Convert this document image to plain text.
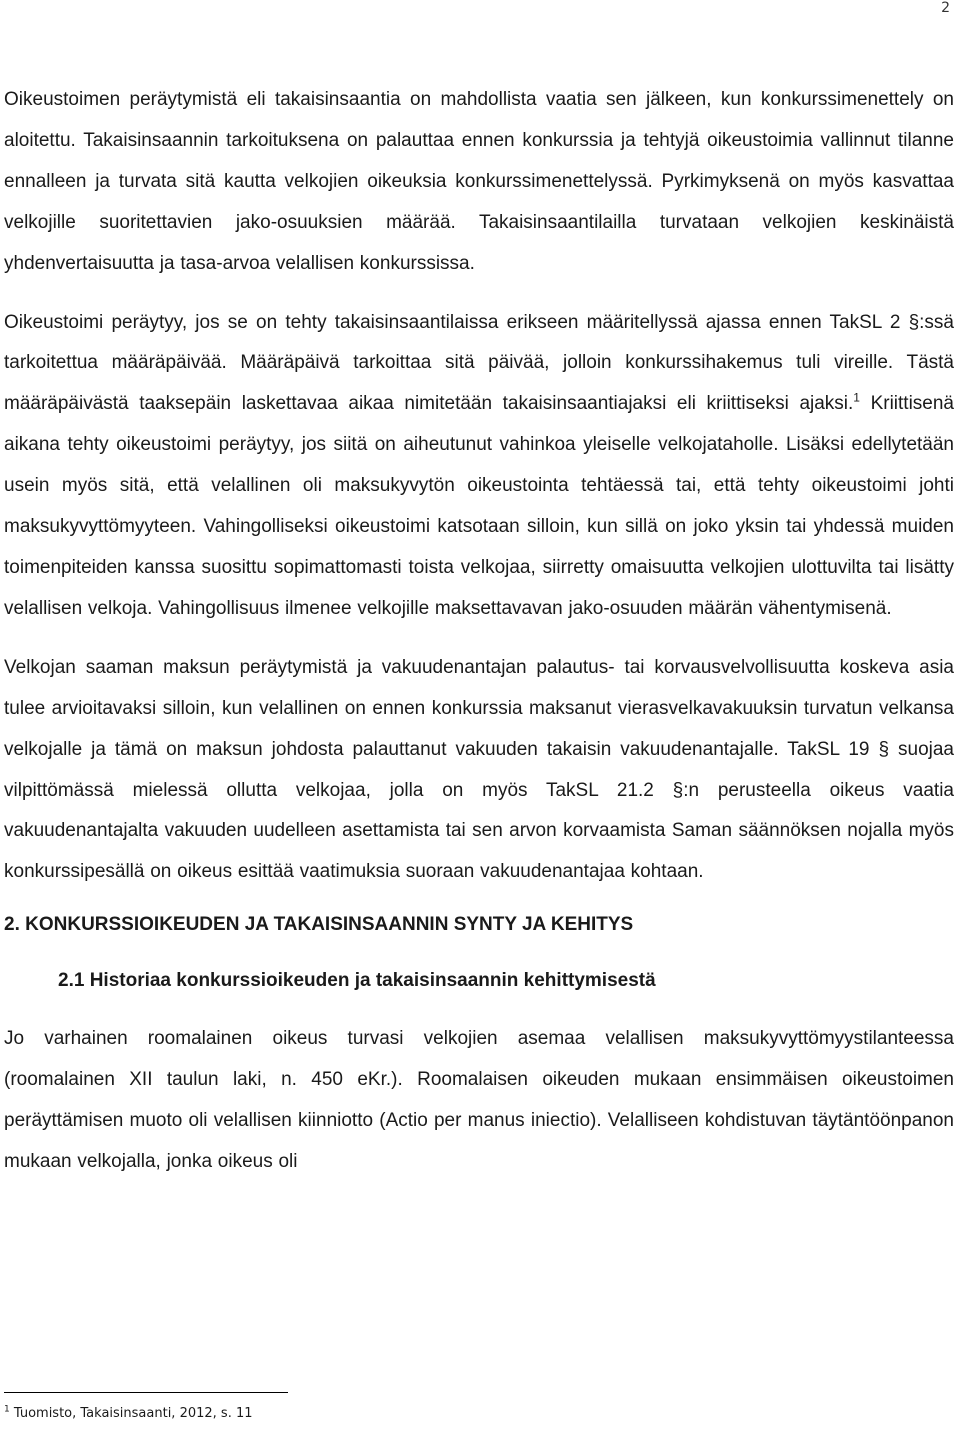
2

Oikeustoimen peräytymistä eli takaisinsaantia on mahdollista vaatia sen jälkeen, kun konkurssimenettely on aloitettu. Takaisinsaannin tarkoituksena on palauttaa ennen konkurssia ja tehtyjä oikeustoimia vallinnut tilanne ennalleen ja turvata sitä kautta velkojien oikeuksia konkurssimenettelyssä. Pyrkimyksenä on myös kasvattaa velkojille suoritettavien jako-osuuksien määrää. Takaisinsaantilailla turvataan velkojien keskinäistä yhdenvertaisuutta ja tasa-arvoa velallisen konkurssissa.

Oikeustoimi peräytyy, jos se on tehty takaisinsaantilaissa erikseen määritellyssä ajassa ennen TakSL 2 §:ssä tarkoitettua määräpäivää. Määräpäivä tarkoittaa sitä päivää, jolloin konkurssihakemus tuli vireille. Tästä määräpäivästä taaksepäin laskettavaa aikaa nimitetään takaisinsaantiajaksi eli kriittiseksi ajaksi.$^1$ Kriittisenä aikana tehty oikeustoimi peräytyy, jos siitä on aiheutunut vahinkoa yleiselle velkojataholle. Lisäksi edellytetään usein myös sitä, että velallinen oli maksukyvytön oikeustointa tehtäessä tai, että tehty oikeustoimi johti maksukyvyttömyyteen. Vahingolliseksi oikeustoimi katsotaan silloin, kun sillä on joko yksin tai yhdessä muiden toimenpiteiden kanssa suosittu sopimattomasti toista velkojaa, siirretty omaisuutta velkojien ulottuvilta tai lisätty velallisen velkoja. Vahingollisuus ilmenee velkojille maksettavavan jako-osuuden määrän vähentymisenä.

Velkojan saaman maksun peräytymistä ja vakuudenantajan palautus- tai korvausvelvollisuutta koskeva asia tulee arvioitavaksi silloin, kun velallinen on ennen konkurssia maksanut vierasvelkavakuuksin turvatun velkansa velkojalle ja tämä on maksun johdosta palauttanut vakuuden takaisin vakuudenantajalle. TakSL 19 § suojaa vilpittömässä mielessä ollutta velkojaa, jolla on myös TakSL 21.2 §:n perusteella oikeus vaatia vakuudenantajalta vakuuden uudelleen asettamista tai sen arvon korvaamista Saman säännöksen nojalla myös konkurssipesällä on oikeus esittää vaatimuksia suoraan vakuudenantajaa kohtaan.

2. KONKURSSIOIKEUDEN JA TAKAISINSAANNIN SYNTY JA KEHITYS
2.1 Historiaa konkurssioikeuden ja takaisinsaannin kehittymisestä

Jo varhainen roomalainen oikeus turvasi velkojien asemaa velallisen maksukyvyttömyystilanteessa (roomalainen XII taulun laki, n. 450 eKr.). Roomalaisen oikeuden mukaan ensimmäisen oikeustoimen peräyttämisen muoto oli velallisen kiinniotto (Actio per manus iniectio). Velalliseen kohdistuvan täytäntöönpanon mukaan velkojalla, jonka oikeus oli

$^1$ Tuomisto, Takaisinsaanti, 2012, s. 11
